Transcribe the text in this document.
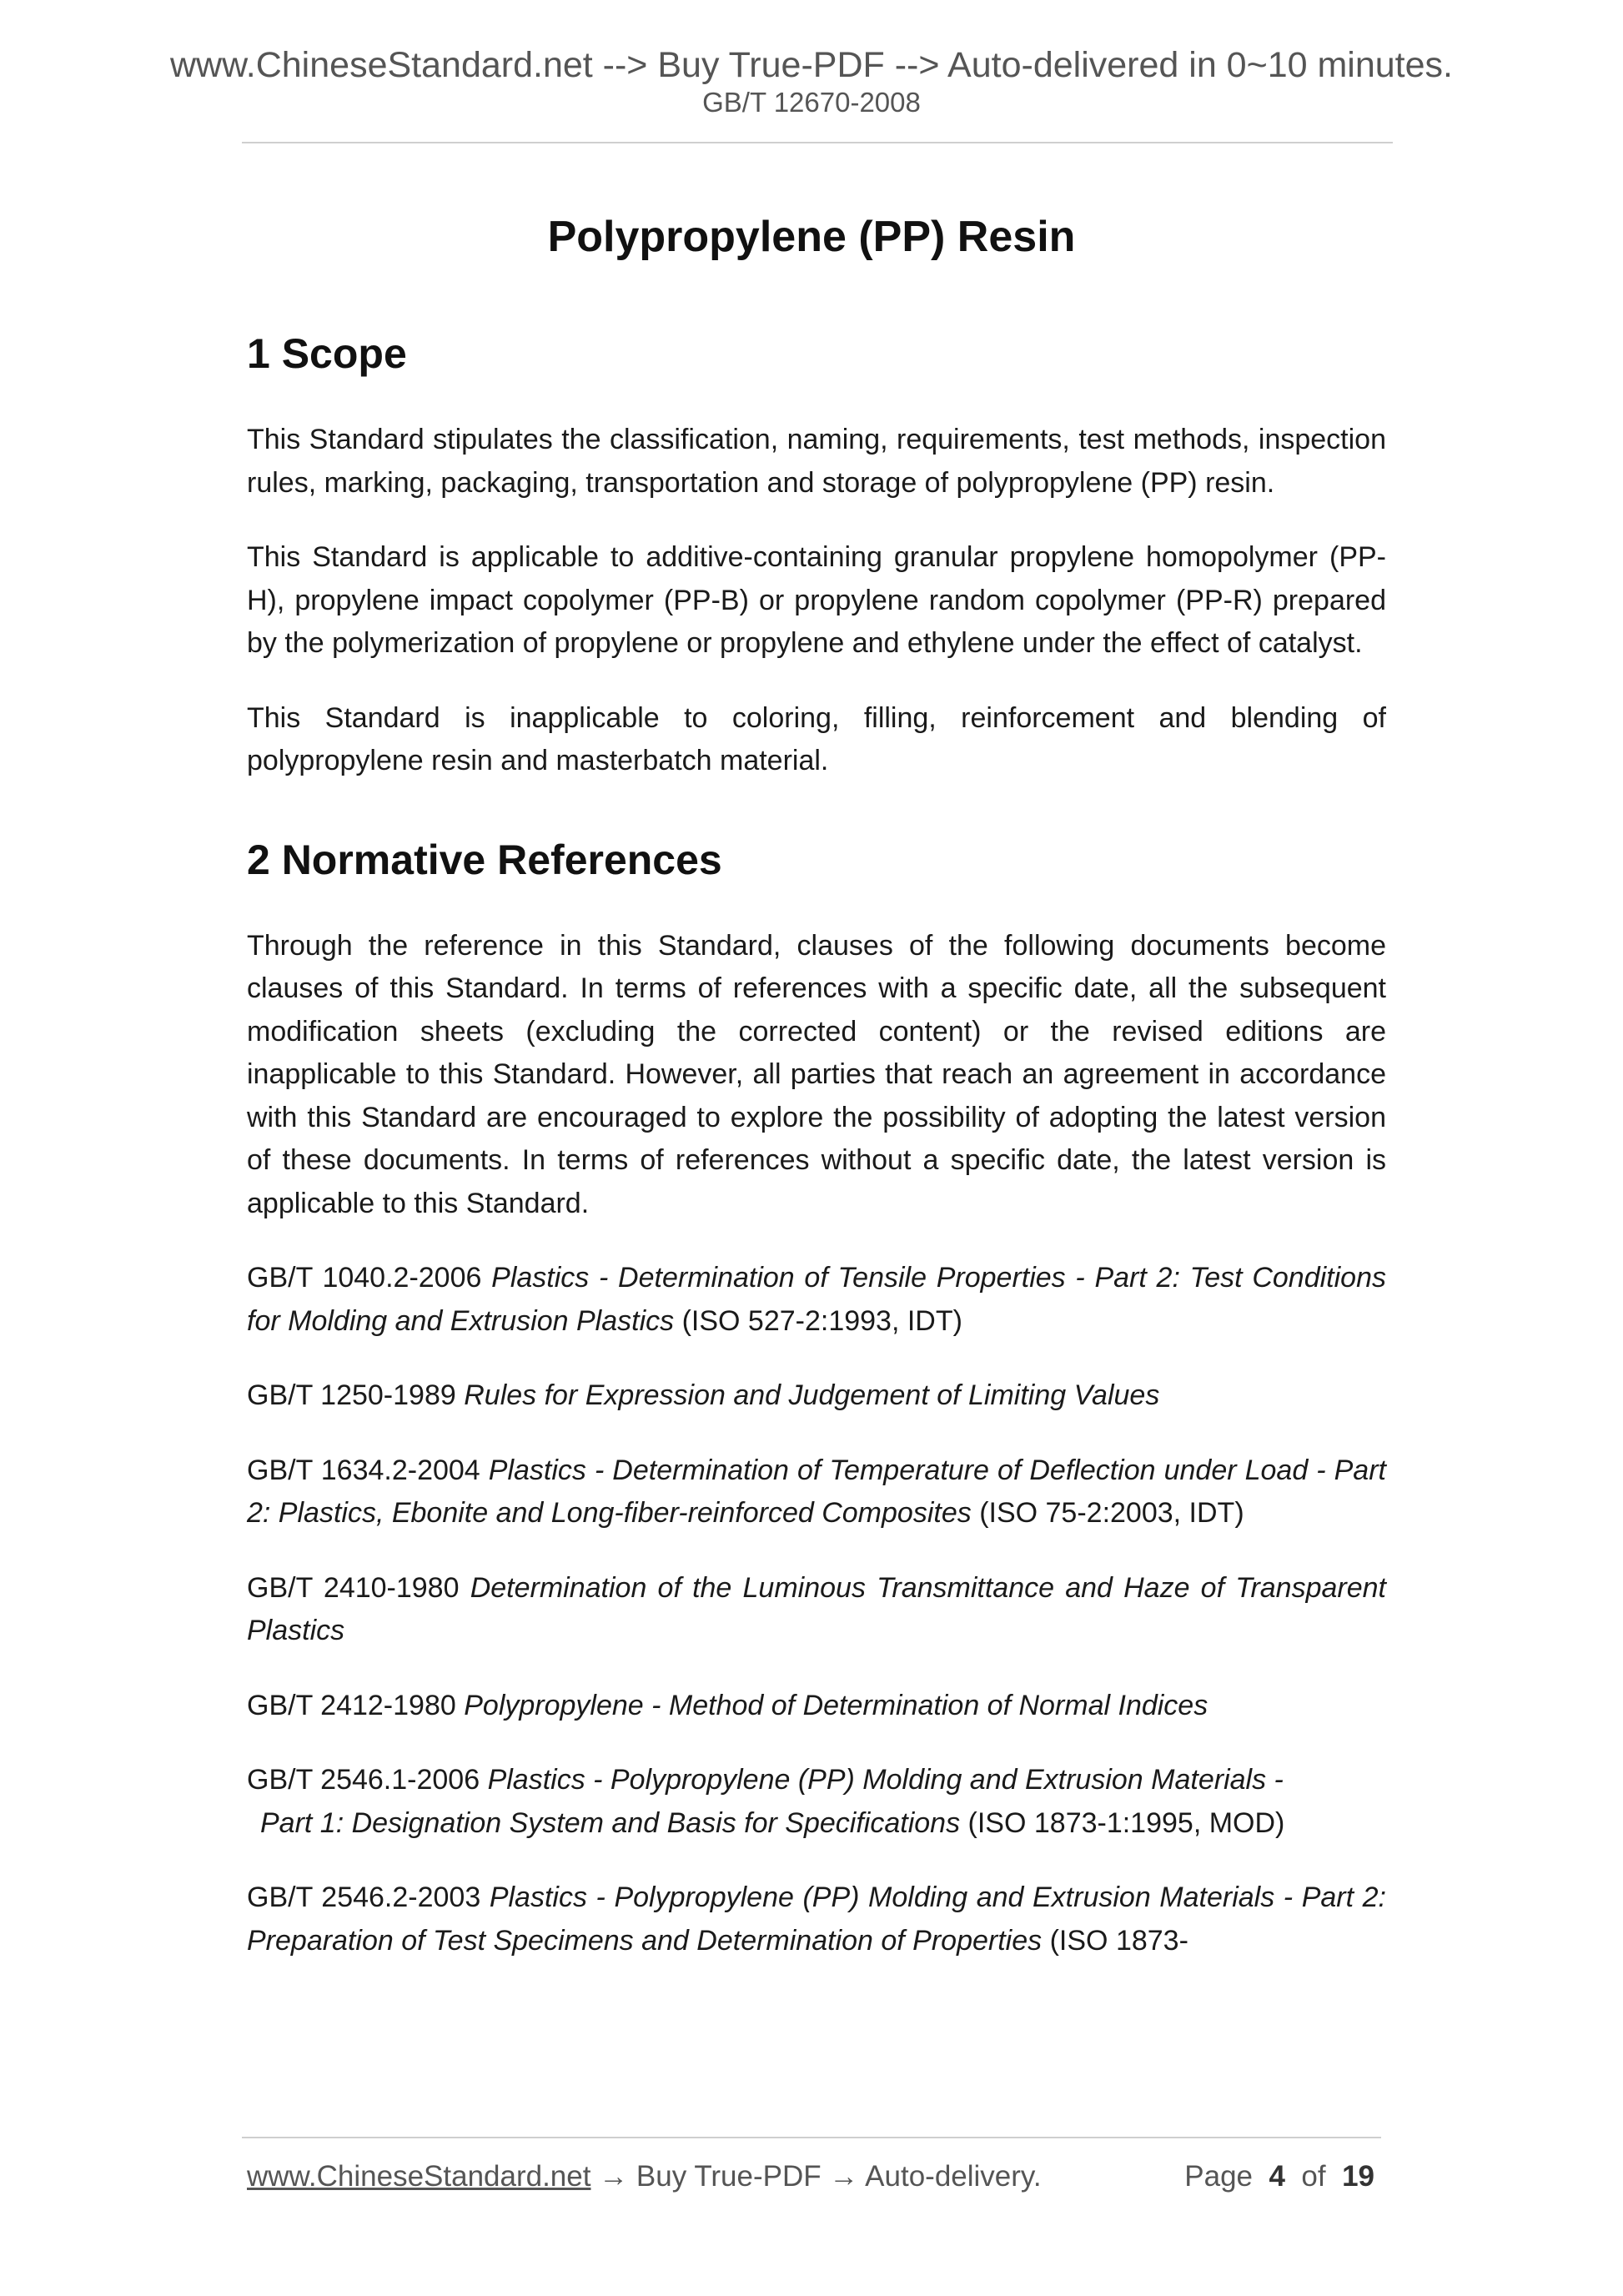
www.ChineseStandard.net --> Buy True-PDF --> Auto-delivered in 0~10 minutes.
GB/T 12670-2008
Polypropylene (PP) Resin
1 Scope

This Standard stipulates the classification, naming, requirements, test methods, inspection rules, marking, packaging, transportation and storage of polypropylene (PP) resin.

This Standard is applicable to additive-containing granular propylene homopolymer (PP-H), propylene impact copolymer (PP-B) or propylene random copolymer (PP-R) prepared by the polymerization of propylene or propylene and ethylene under the effect of catalyst.

This Standard is inapplicable to coloring, filling, reinforcement and blending of polypropylene resin and masterbatch material.

2 Normative References

Through the reference in this Standard, clauses of the following documents become clauses of this Standard. In terms of references with a specific date, all the subsequent modification sheets (excluding the corrected content) or the revised editions are inapplicable to this Standard. However, all parties that reach an agreement in accordance with this Standard are encouraged to explore the possibility of adopting the latest version of these documents. In terms of references without a specific date, the latest version is applicable to this Standard.

GB/T 1040.2-2006 Plastics - Determination of Tensile Properties - Part 2: Test Conditions for Molding and Extrusion Plastics (ISO 527-2:1993, IDT)

GB/T 1250-1989 Rules for Expression and Judgement of Limiting Values

GB/T 1634.2-2004 Plastics - Determination of Temperature of Deflection under Load - Part 2: Plastics, Ebonite and Long-fiber-reinforced Composites (ISO 75-2:2003, IDT)

GB/T 2410-1980 Determination of the Luminous Transmittance and Haze of Transparent Plastics

GB/T 2412-1980 Polypropylene - Method of Determination of Normal Indices

GB/T 2546.1-2006 Plastics - Polypropylene (PP) Molding and Extrusion Materials -
Part 1: Designation System and Basis for Specifications (ISO 1873-1:1995, MOD)

GB/T 2546.2-2003 Plastics - Polypropylene (PP) Molding and Extrusion Materials - Part 2: Preparation of Test Specimens and Determination of Properties (ISO 1873-

www.ChineseStandard.net → Buy True-PDF → Auto-delivery.	Page 4 of 19
